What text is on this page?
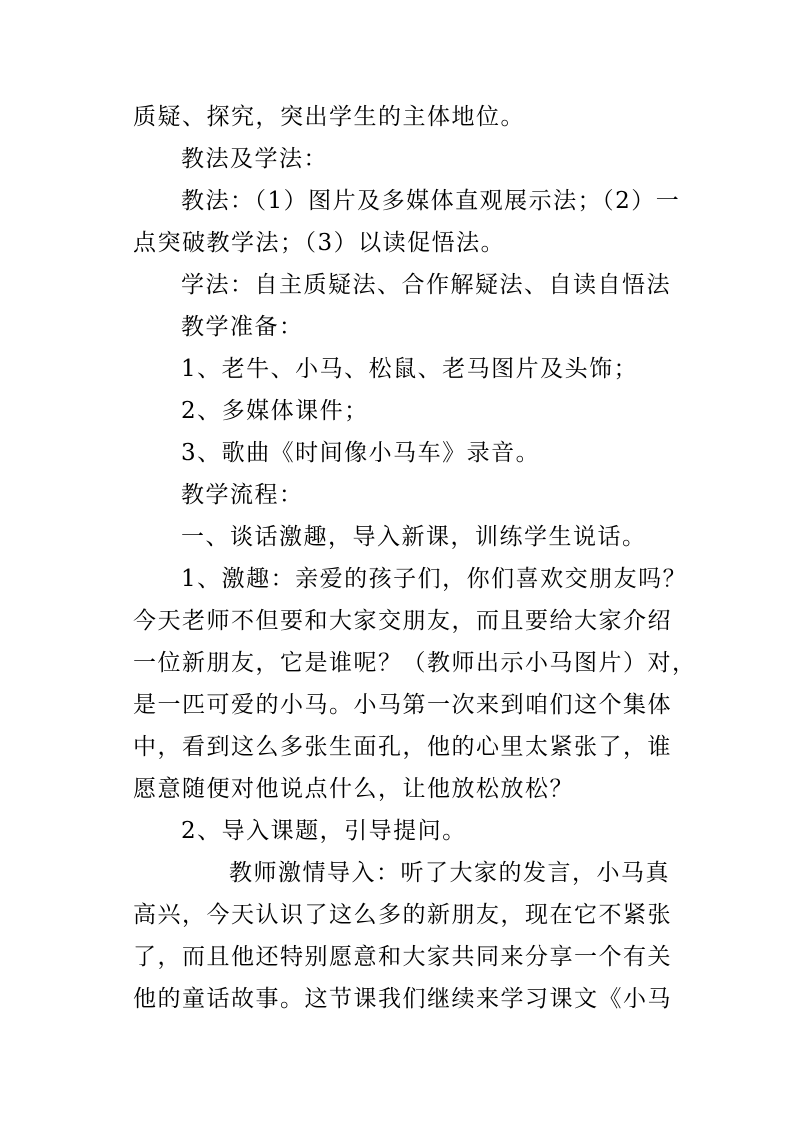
质疑、探究，突出学生的主体地位。
教法及学法：
教法：（1）图片及多媒体直观展示法；（2）一
点突破教学法；（3）以读促悟法。
学法：自主质疑法、合作解疑法、自读自悟法
教学准备：
1、老牛、小马、松鼠、老马图片及头饰；
2、多媒体课件；
3、歌曲《时间像小马车》录音。
教学流程：
一、谈话激趣，导入新课，训练学生说话。
1、激趣：亲爱的孩子们，你们喜欢交朋友吗？
今天老师不但要和大家交朋友，而且要给大家介绍
一位新朋友，它是谁呢？（教师出示小马图片）对，
是一匹可爱的小马。小马第一次来到咱们这个集体
中，看到这么多张生面孔，他的心里太紧张了，谁
愿意随便对他说点什么，让他放松放松？
2、导入课题，引导提问。
教师激情导入：听了大家的发言，小马真
高兴，今天认识了这么多的新朋友，现在它不紧张
了，而且他还特别愿意和大家共同来分享一个有关
他的童话故事。这节课我们继续来学习课文《小马
